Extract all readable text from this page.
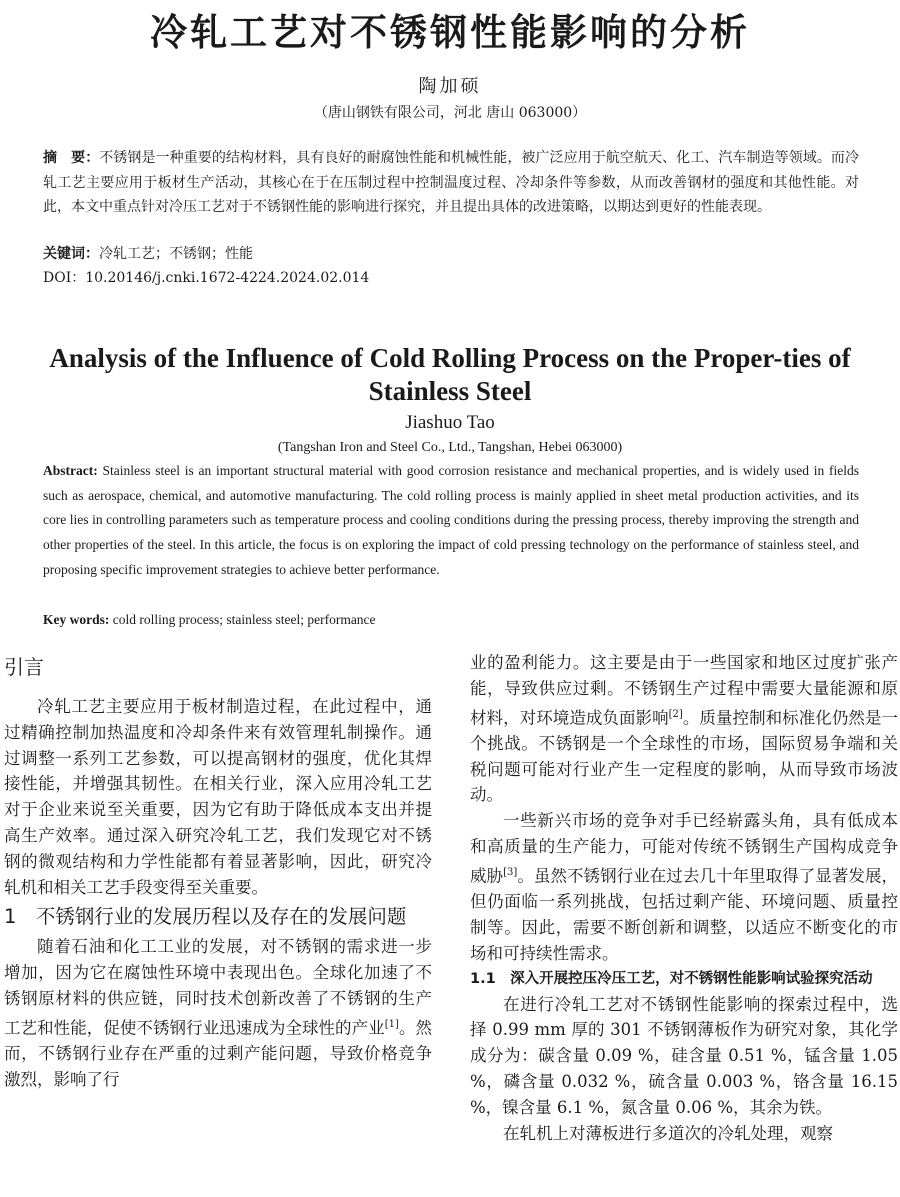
冷轧工艺对不锈钢性能影响的分析
陶加硕
（唐山钢铁有限公司，河北 唐山 063000）
摘　要：不锈钢是一种重要的结构材料，具有良好的耐腐蚀性能和机械性能，被广泛应用于航空航天、化工、汽车制造等领域。而冷轧工艺主要应用于板材生产活动，其核心在于在压制过程中控制温度过程、冷却条件等参数，从而改善钢材的强度和其他性能。对此，本文中重点针对冷压工艺对于不锈钢性能的影响进行探究，并且提出具体的改进策略，以期达到更好的性能表现。
关键词：冷轧工艺；不锈钢；性能
DOI：10.20146/j.cnki.1672-4224.2024.02.014
Analysis of the Influence of Cold Rolling Process on the Proper-ties of Stainless Steel
Jiashuo Tao
(Tangshan Iron and Steel Co., Ltd., Tangshan, Hebei 063000)
Abstract: Stainless steel is an important structural material with good corrosion resistance and mechanical properties, and is widely used in fields such as aerospace, chemical, and automotive manufacturing. The cold rolling process is mainly applied in sheet metal production activities, and its core lies in controlling parameters such as temperature process and cooling conditions during the pressing process, thereby improving the strength and other properties of the steel. In this article, the focus is on exploring the impact of cold pressing technology on the performance of stainless steel, and proposing specific improvement strategies to achieve better performance.
Key words: cold rolling process; stainless steel; performance
引言

冷轧工艺主要应用于板材制造过程，在此过程中，通过精确控制加热温度和冷却条件来有效管理轧制操作。通过调整一系列工艺参数，可以提高钢材的强度，优化其焊接性能，并增强其韧性。在相关行业，深入应用冷轧工艺对于企业来说至关重要，因为它有助于降低成本支出并提高生产效率。通过深入研究冷轧工艺，我们发现它对不锈钢的微观结构和力学性能都有着显著影响，因此，研究冷轧机和相关工艺手段变得至关重要。

1　不锈钢行业的发展历程以及存在的发展问题

随着石油和化工工业的发展，对不锈钢的需求进一步增加，因为它在腐蚀性环境中表现出色。全球化加速了不锈钢原材料的供应链，同时技术创新改善了不锈钢的生产工艺和性能，促使不锈钢行业迅速成为全球性的产业[1]。然而，不锈钢行业存在严重的过剩产能问题，导致价格竞争激烈，影响了行

业的盈利能力。这主要是由于一些国家和地区过度扩张产能，导致供应过剩。不锈钢生产过程中需要大量能源和原材料，对环境造成负面影响[2]。质量控制和标准化仍然是一个挑战。不锈钢是一个全球性的市场，国际贸易争端和关税问题可能对行业产生一定程度的影响，从而导致市场波动。

一些新兴市场的竞争对手已经崭露头角，具有低成本和高质量的生产能力，可能对传统不锈钢生产国构成竞争威胁[3]。虽然不锈钢行业在过去几十年里取得了显著发展，但仍面临一系列挑战，包括过剩产能、环境问题、质量控制等。因此，需要不断创新和调整，以适应不断变化的市场和可持续性需求。

1.1　深入开展控压冷压工艺，对不锈钢性能影响试验探究活动

在进行冷轧工艺对不锈钢性能影响的探索过程中，选择 0.99 mm 厚的 301 不锈钢薄板作为研究对象，其化学成分为：碳含量 0.09 %，硅含量 0.51 %，锰含量 1.05 %，磷含量 0.032 %，硫含量 0.003 %，铬含量 16.15 %，镍含量 6.1 %，氮含量 0.06 %，其余为铁。

在轧机上对薄板进行多道次的冷轧处理，观察
